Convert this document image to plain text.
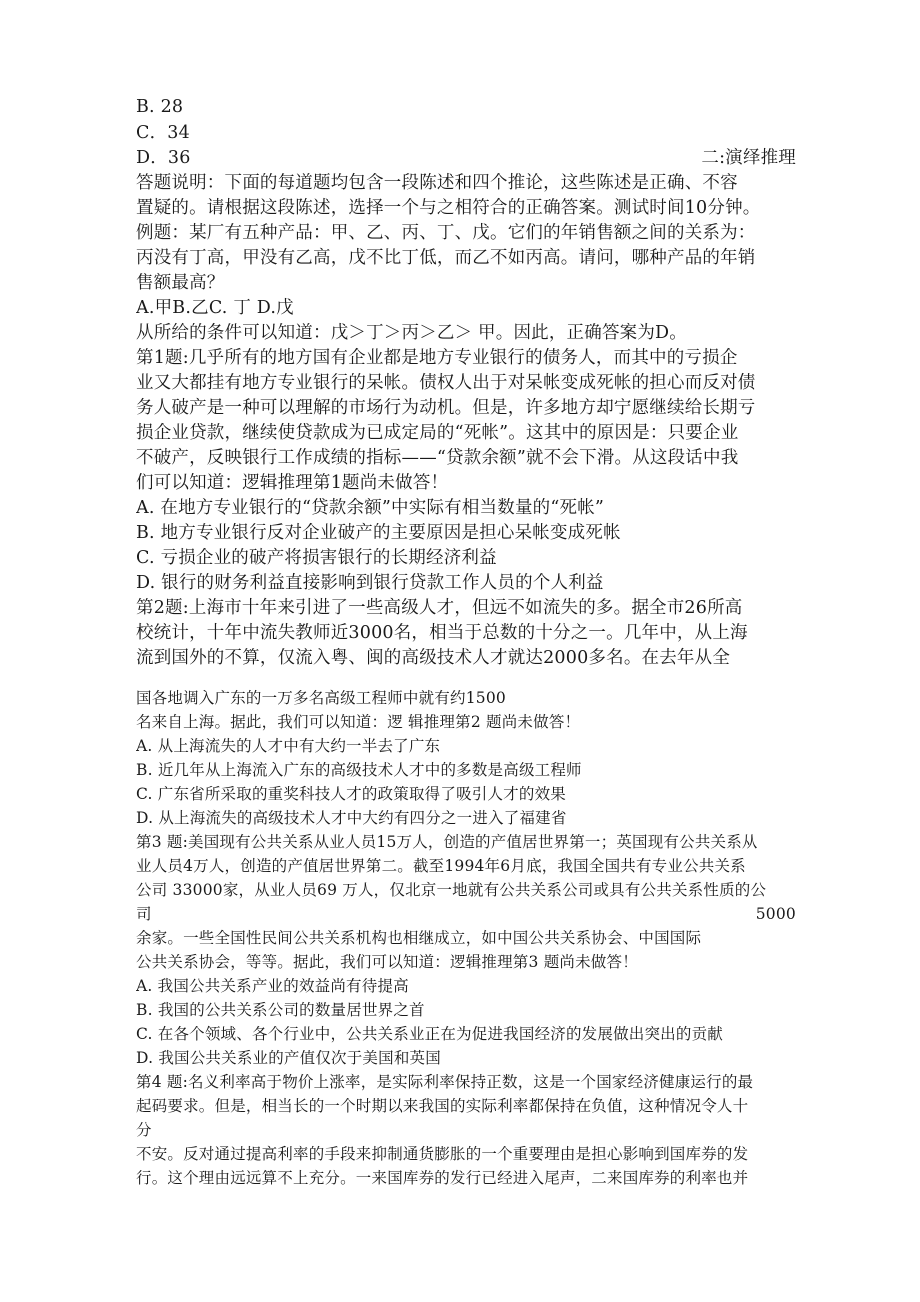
B. 28
C．34
D．36	二:演绎推理
答题说明：下面的每道题均包含一段陈述和四个推论，这些陈述是正确、不容
置疑的。请根据这段陈述，选择一个与之相符合的正确答案。测试时间10分钟。
例题：某厂有五种产品：甲、乙、丙、丁、戊。它们的年销售额之间的关系为：
丙没有丁高，甲没有乙高，戊不比丁低，而乙不如丙高。请问，哪种产品的年销
售额最高？
A.甲B.乙C. 丁 D.戊
从所给的条件可以知道：戊＞丁＞丙＞乙＞ 甲。因此，正确答案为D。
第1题:几乎所有的地方国有企业都是地方专业银行的债务人，而其中的亏损企
业又大都挂有地方专业银行的呆帐。债权人出于对呆帐变成死帐的担心而反对债
务人破产是一种可以理解的市场行为动机。但是，许多地方却宁愿继续给长期亏
损企业贷款，继续使贷款成为已成定局的“死帐”。这其中的原因是：只要企业
不破产，反映银行工作成绩的指标——“贷款余额”就不会下滑。从这段话中我
们可以知道：逻辑推理第1题尚未做答！
A. 在地方专业银行的“贷款余额”中实际有相当数量的“死帐”
B. 地方专业银行反对企业破产的主要原因是担心呆帐变成死帐
C. 亏损企业的破产将损害银行的长期经济利益
D. 银行的财务利益直接影响到银行贷款工作人员的个人利益
第2题:上海市十年来引进了一些高级人才，但远不如流失的多。据全市26所高
校统计，十年中流失教师近3000名，相当于总数的十分之一。几年中，从上海
流到国外的不算，仅流入粤、闽的高级技术人才就达2000多名。在去年从全
国各地调入广东的一万多名高级工程师中就有约1500
名来自上海。据此，我们可以知道：逻 辑推理第2 题尚未做答！
A. 从上海流失的人才中有大约一半去了广东
B. 近几年从上海流入广东的高级技术人才中的多数是高级工程师
C. 广东省所采取的重奖科技人才的政策取得了吸引人才的效果
D. 从上海流失的高级技术人才中大约有四分之一进入了福建省
第3 题:美国现有公共关系从业人员15万人，创造的产值居世界第一；英国现有公共关系从
业人员4万人，创造的产值居世界第二。截至1994年6月底，我国全国共有专业公共关系
公司 33000家，从业人员69 万人，仅北京一地就有公共关系公司或具有公共关系性质的公
司	5000
余家。一些全国性民间公共关系机构也相继成立，如中国公共关系协会、中国国际
公共关系协会，等等。据此，我们可以知道：逻辑推理第3 题尚未做答！
A. 我国公共关系产业的效益尚有待提高
B. 我国的公共关系公司的数量居世界之首
C. 在各个领域、各个行业中，公共关系业正在为促进我国经济的发展做出突出的贡献
D. 我国公共关系业的产值仅次于美国和英国
第4 题:名义利率高于物价上涨率，是实际利率保持正数，这是一个国家经济健康运行的最
起码要求。但是，相当长的一个时期以来我国的实际利率都保持在负值，这种情况令人十
分
不安。反对通过提高利率的手段来抑制通货膨胀的一个重要理由是担心影响到国库券的发
行。这个理由远远算不上充分。一来国库券的发行已经进入尾声，二来国库券的利率也并
